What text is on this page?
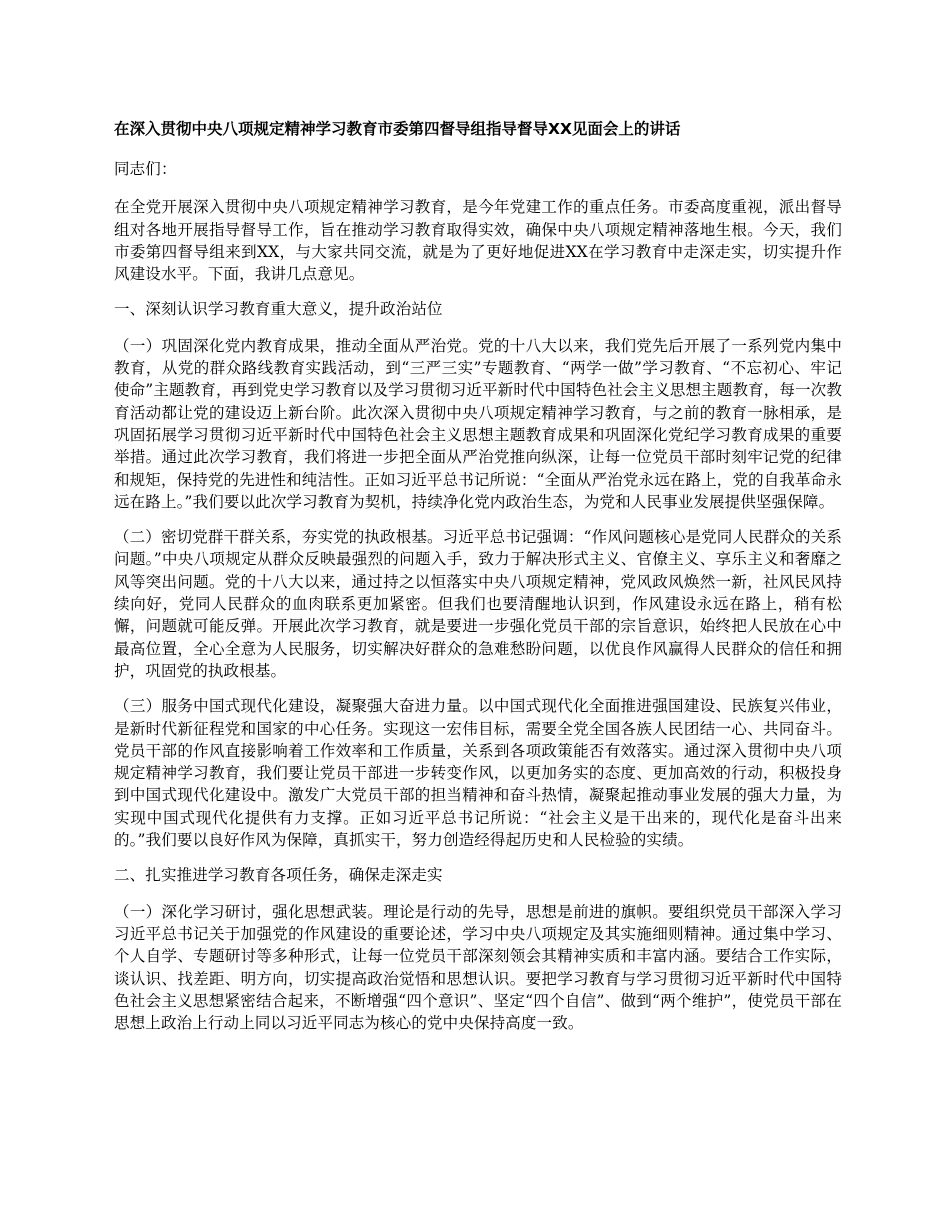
在深入贯彻中央八项规定精神学习教育市委第四督导组指导督导XX见面会上的讲话

同志们：

在全党开展深入贯彻中央八项规定精神学习教育，是今年党建工作的重点任务。市委高度重视，派出督导组对各地开展指导督导工作，旨在推动学习教育取得实效，确保中央八项规定精神落地生根。今天，我们市委第四督导组来到XX，与大家共同交流，就是为了更好地促进XX在学习教育中走深走实，切实提升作风建设水平。下面，我讲几点意见。

一、深刻认识学习教育重大意义，提升政治站位

（一）巩固深化党内教育成果，推动全面从严治党。党的十八大以来，我们党先后开展了一系列党内集中教育，从党的群众路线教育实践活动，到“三严三实”专题教育、“两学一做”学习教育、“不忘初心、牢记使命”主题教育，再到党史学习教育以及学习贯彻习近平新时代中国特色社会主义思想主题教育，每一次教育活动都让党的建设迈上新台阶。此次深入贯彻中央八项规定精神学习教育，与之前的教育一脉相承，是巩固拓展学习贯彻习近平新时代中国特色社会主义思想主题教育成果和巩固深化党纪学习教育成果的重要举措。通过此次学习教育，我们将进一步把全面从严治党推向纵深，让每一位党员干部时刻牢记党的纪律和规矩，保持党的先进性和纯洁性。正如习近平总书记所说：“全面从严治党永远在路上，党的自我革命永远在路上。”我们要以此次学习教育为契机，持续净化党内政治生态，为党和人民事业发展提供坚强保障。

（二）密切党群干群关系，夯实党的执政根基。习近平总书记强调：“作风问题核心是党同人民群众的关系问题。”中央八项规定从群众反映最强烈的问题入手，致力于解决形式主义、官僚主义、享乐主义和奢靡之风等突出问题。党的十八大以来，通过持之以恒落实中央八项规定精神，党风政风焕然一新，社风民风持续向好，党同人民群众的血肉联系更加紧密。但我们也要清醒地认识到，作风建设永远在路上，稍有松懈，问题就可能反弹。开展此次学习教育，就是要进一步强化党员干部的宗旨意识，始终把人民放在心中最高位置，全心全意为人民服务，切实解决好群众的急难愁盼问题，以优良作风赢得人民群众的信任和拥护，巩固党的执政根基。

（三）服务中国式现代化建设，凝聚强大奋进力量。以中国式现代化全面推进强国建设、民族复兴伟业，是新时代新征程党和国家的中心任务。实现这一宏伟目标，需要全党全国各族人民团结一心、共同奋斗。党员干部的作风直接影响着工作效率和工作质量，关系到各项政策能否有效落实。通过深入贯彻中央八项规定精神学习教育，我们要让党员干部进一步转变作风，以更加务实的态度、更加高效的行动，积极投身到中国式现代化建设中。激发广大党员干部的担当精神和奋斗热情，凝聚起推动事业发展的强大力量，为实现中国式现代化提供有力支撑。正如习近平总书记所说：“社会主义是干出来的，现代化是奋斗出来的。”我们要以良好作风为保障，真抓实干，努力创造经得起历史和人民检验的实绩。

二、扎实推进学习教育各项任务，确保走深走实

（一）深化学习研讨，强化思想武装。理论是行动的先导，思想是前进的旗帜。要组织党员干部深入学习习近平总书记关于加强党的作风建设的重要论述，学习中央八项规定及其实施细则精神。通过集中学习、个人自学、专题研讨等多种形式，让每一位党员干部深刻领会其精神实质和丰富内涵。要结合工作实际，谈认识、找差距、明方向，切实提高政治觉悟和思想认识。要把学习教育与学习贯彻习近平新时代中国特色社会主义思想紧密结合起来，不断增强“四个意识”、坚定“四个自信”、做到“两个维护”，使党员干部在思想上政治上行动上同以习近平同志为核心的党中央保持高度一致。
